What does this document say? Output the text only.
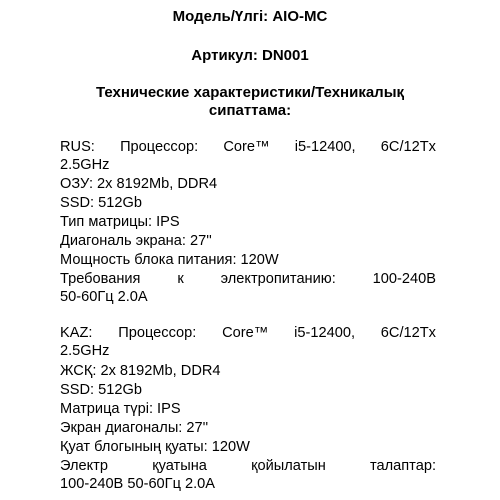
Модель/Үлгі: AIO-MC
Артикул: DN001
Технические характеристики/Техникалық
сипаттама:
RUS: Процессор: Core™ i5-12400, 6C/12Tx
2.5GHz
ОЗУ: 2x 8192Mb, DDR4
SSD: 512Gb
Тип матрицы: IPS
Диагональ экрана: 27''
Мощность блока питания: 120W
Требования	к	электропитанию:	100-240В
50-60Гц 2.0A
KAZ: Процессор: Core™ i5-12400, 6C/12Tx
2.5GHz
ЖСҚ: 2x 8192Mb, DDR4
SSD: 512Gb
Матрица түрі: IPS
Экран диагоналы: 27''
Қуат блогының қуаты: 120W
Электр	қуатына	қойылатын	талаптар:
100-240В 50-60Гц 2.0A
